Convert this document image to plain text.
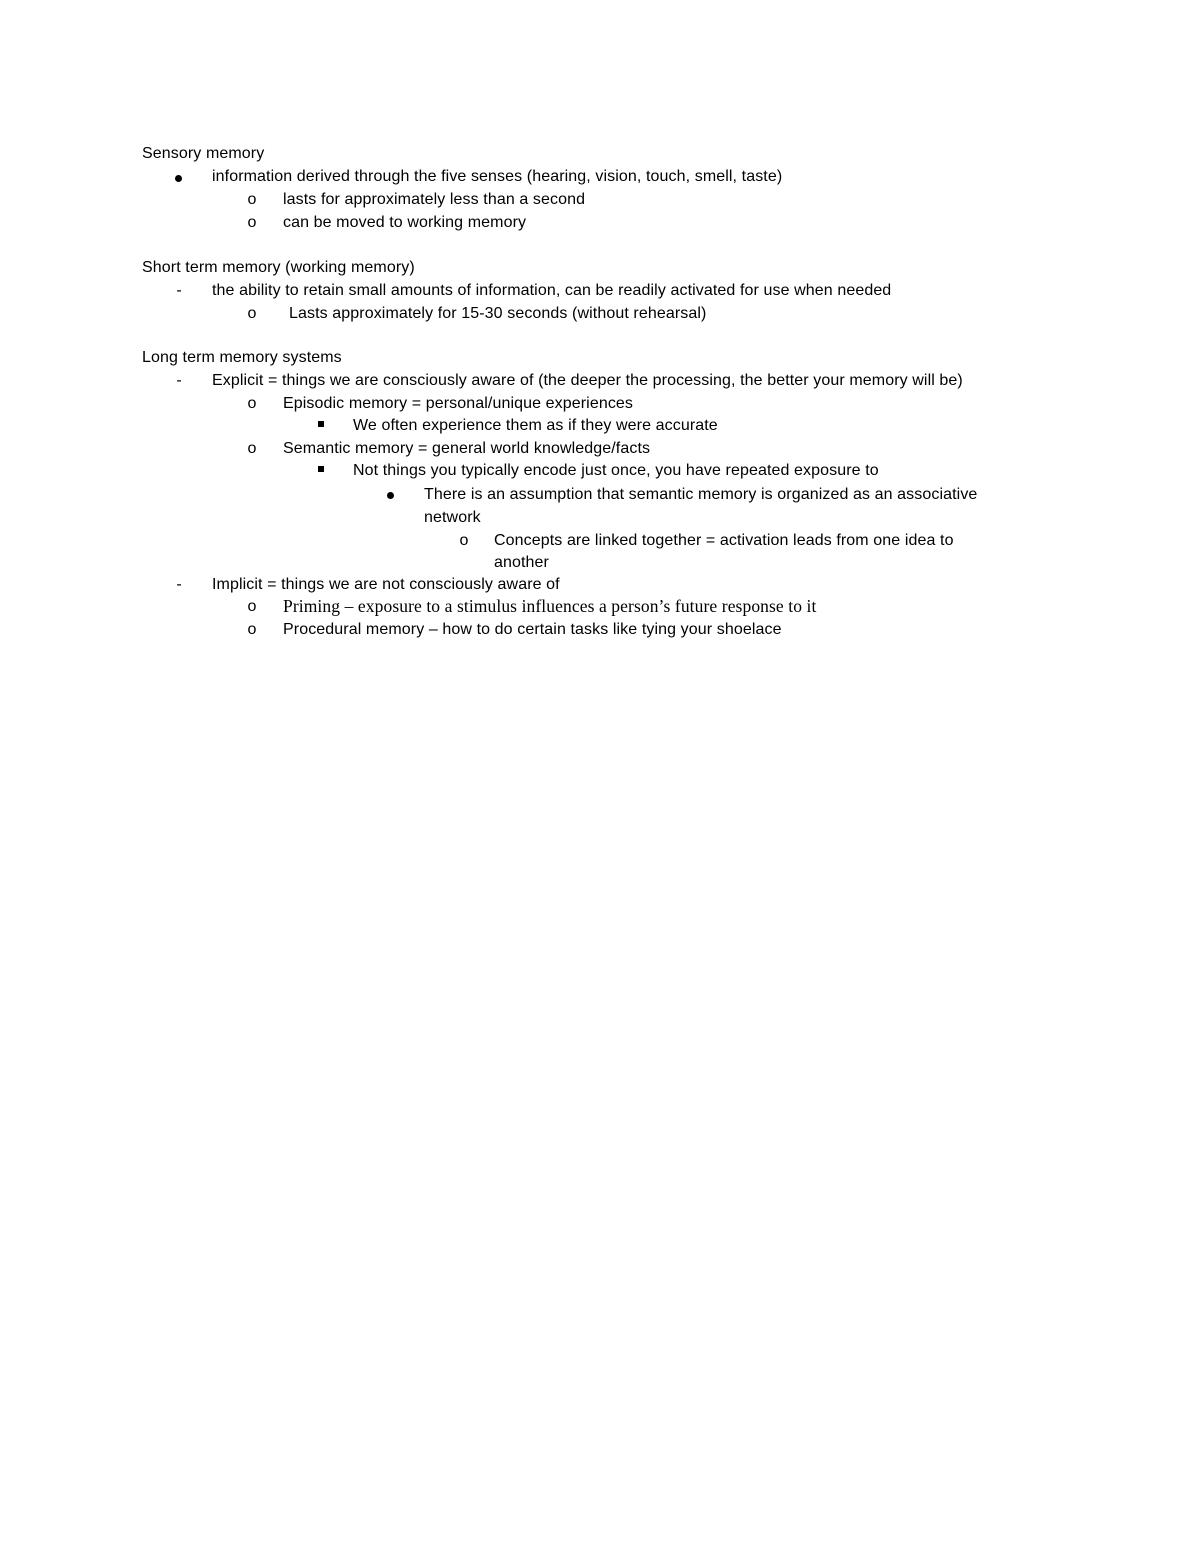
Sensory memory
information derived through the five senses (hearing, vision, touch, smell, taste)
o lasts for approximately less than a second
o can be moved to working memory
Short term memory (working memory)
-	the ability to retain small amounts of information, can be readily activated for use when needed
o Lasts approximately for 15-30 seconds (without rehearsal)
Long term memory systems
-	Explicit = things we are consciously aware of (the deeper the processing, the better your memory will be)
o Episodic memory = personal/unique experiences
We often experience them as if they were accurate
o Semantic memory = general world knowledge/facts
Not things you typically encode just once, you have repeated exposure to
There is an assumption that semantic memory is organized as an associative
network
o Concepts are linked together = activation leads from one idea to
another
-	Implicit = things we are not consciously aware of
o Priming – exposure to a stimulus influences a person’s future response to it
o Procedural memory – how to do certain tasks like tying your shoelace
